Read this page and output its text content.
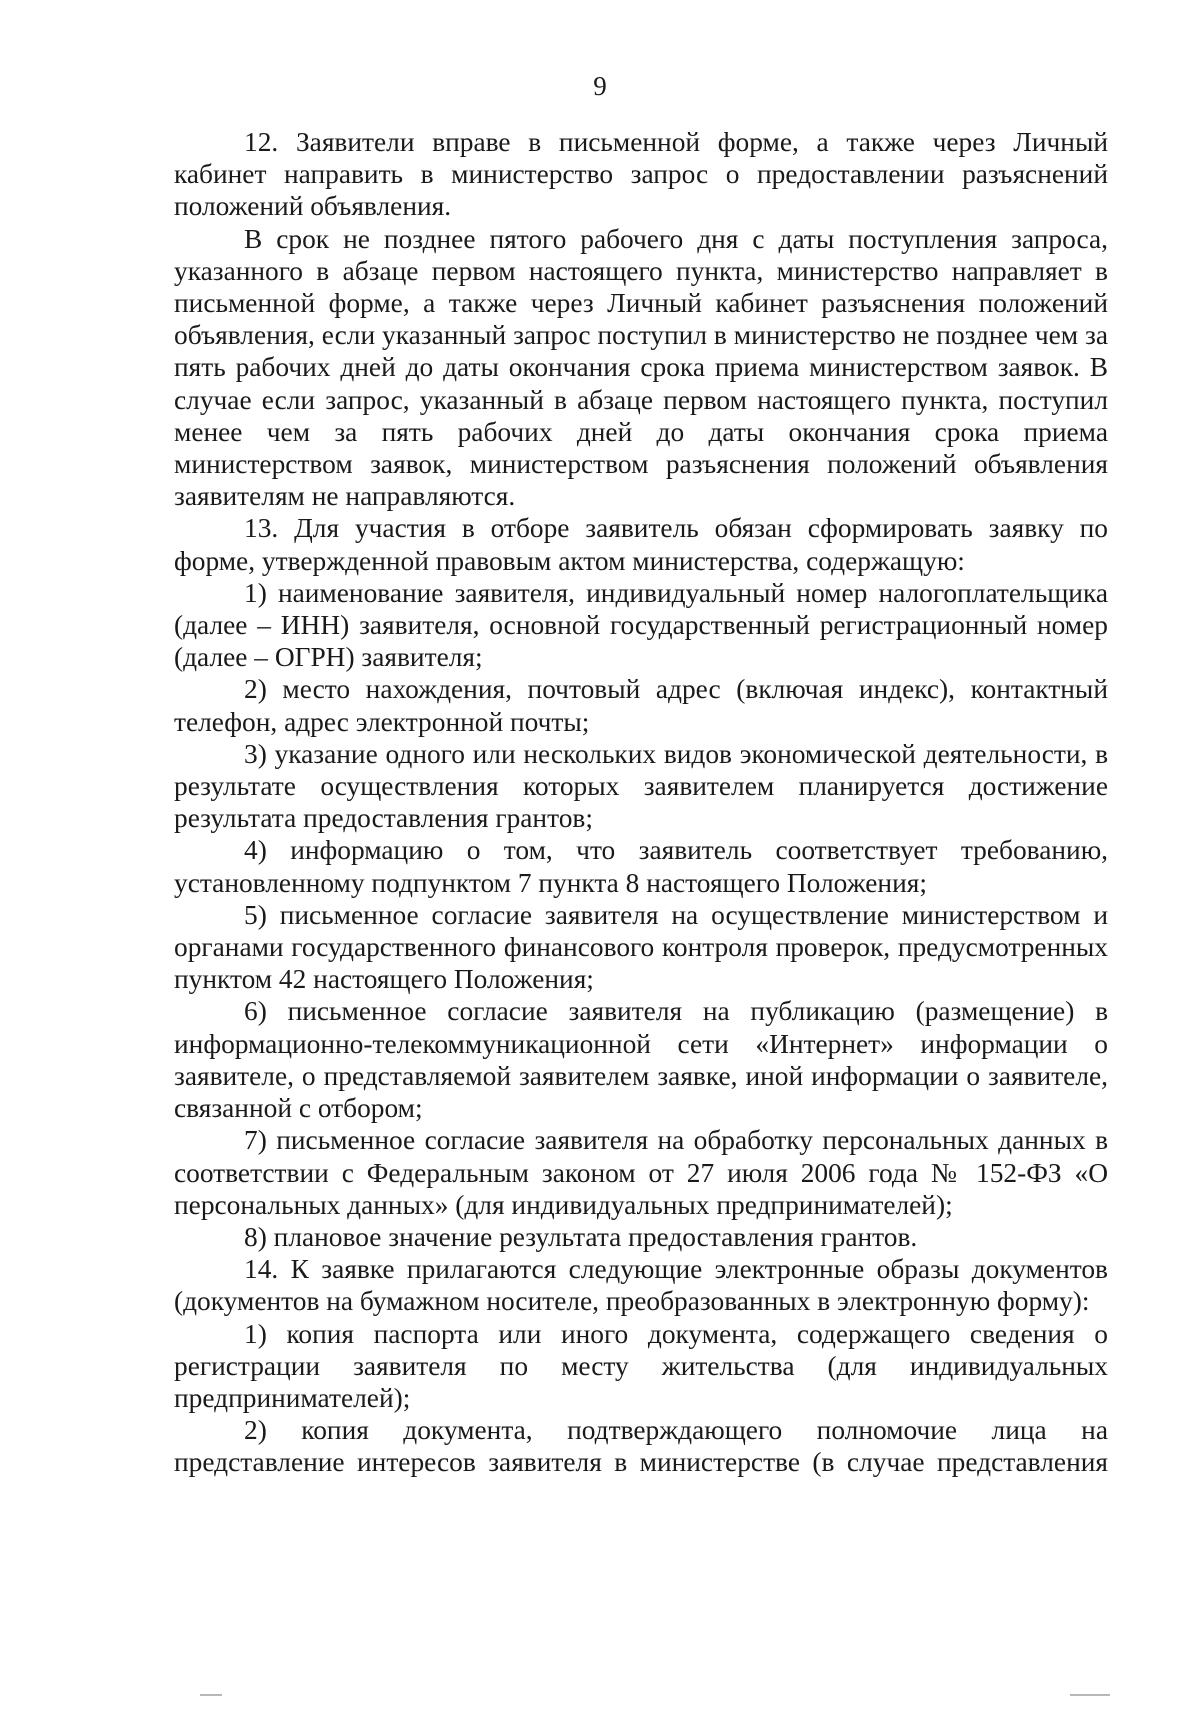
9

12. Заявители вправе в письменной форме, а также через Личный кабинет направить в министерство запрос о предоставлении разъяснений положений объявления.

В срок не позднее пятого рабочего дня с даты поступления запроса, указанного в абзаце первом настоящего пункта, министерство направляет в письменной форме, а также через Личный кабинет разъяснения положений объявления, если указанный запрос поступил в министерство не позднее чем за пять рабочих дней до даты окончания срока приема министерством заявок. В случае если запрос, указанный в абзаце первом настоящего пункта, поступил менее чем за пять рабочих дней до даты окончания срока приема министерством заявок, министерством разъяснения положений объявления заявителям не направляются.

13. Для участия в отборе заявитель обязан сформировать заявку по форме, утвержденной правовым актом министерства, содержащую:

1) наименование заявителя, индивидуальный номер налогоплательщика (далее – ИНН) заявителя, основной государственный регистрационный номер (далее – ОГРН) заявителя;

2) место нахождения, почтовый адрес (включая индекс), контактный телефон, адрес электронной почты;

3) указание одного или нескольких видов экономической деятельности, в результате осуществления которых заявителем планируется достижение результата предоставления грантов;

4) информацию о том, что заявитель соответствует требованию, установленному подпунктом 7 пункта 8 настоящего Положения;

5) письменное согласие заявителя на осуществление министерством и органами государственного финансового контроля проверок, предусмотренных пунктом 42 настоящего Положения;

6) письменное согласие заявителя на публикацию (размещение) в информационно-телекоммуникационной сети «Интернет» информации о заявителе, о представляемой заявителем заявке, иной информации о заявителе, связанной с отбором;

7) письменное согласие заявителя на обработку персональных данных в соответствии с Федеральным законом от 27 июля 2006 года № 152-ФЗ «О персональных данных» (для индивидуальных предпринимателей);

8) плановое значение результата предоставления грантов.

14. К заявке прилагаются следующие электронные образы документов (документов на бумажном носителе, преобразованных в электронную форму):

1) копия паспорта или иного документа, содержащего сведения о регистрации заявителя по месту жительства (для индивидуальных предпринимателей);

2) копия документа, подтверждающего полномочие лица на представление интересов заявителя в министерстве (в случае представления
